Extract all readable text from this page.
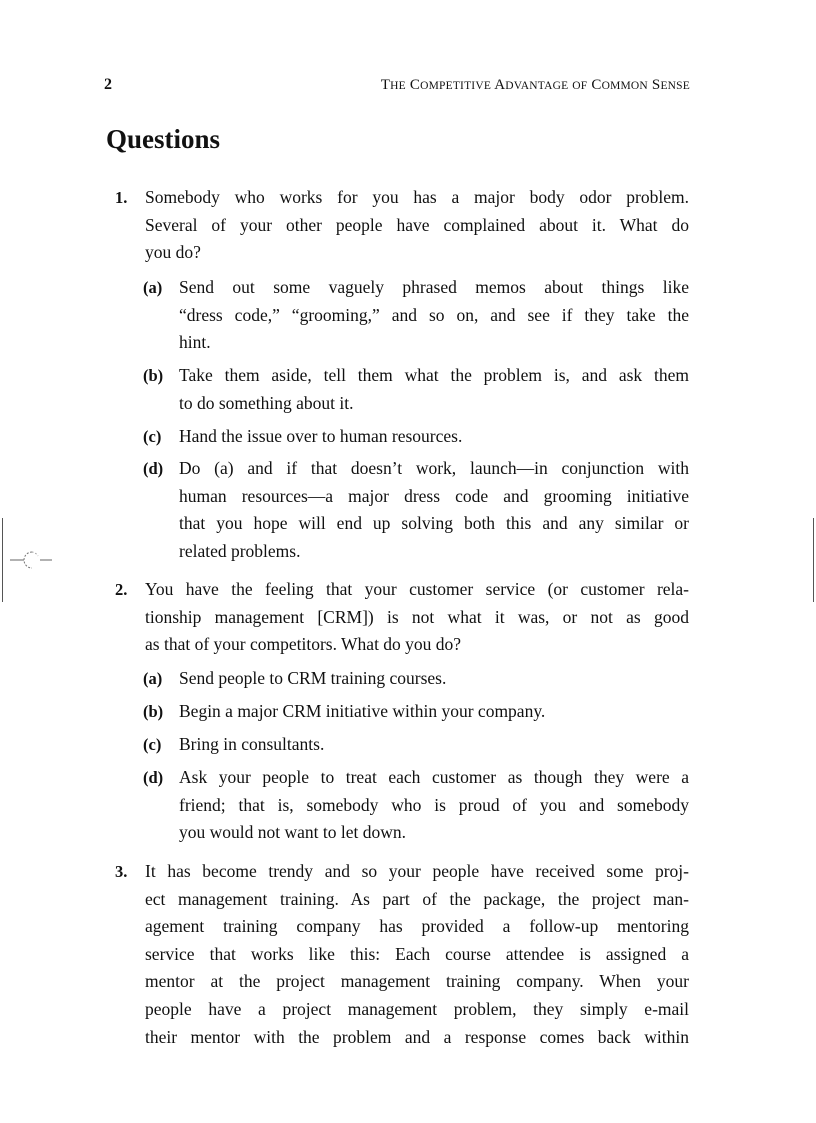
2	THE COMPETITIVE ADVANTAGE OF COMMON SENSE
Questions
1. Somebody who works for you has a major body odor problem.
Several of your other people have complained about it. What do
you do?
(a) Send out some vaguely phrased memos about things like
“dress code,” “grooming,” and so on, and see if they take the
hint.
(b) Take them aside, tell them what the problem is, and ask them
to do something about it.
(c) Hand the issue over to human resources.
(d) Do (a) and if that doesn’t work, launch—in conjunction with
human resources—a major dress code and grooming initiative
that you hope will end up solving both this and any similar or
related problems.
2. You have the feeling that your customer service (or customer rela-
tionship management [CRM]) is not what it was, or not as good
as that of your competitors. What do you do?
(a) Send people to CRM training courses.
(b) Begin a major CRM initiative within your company.
(c) Bring in consultants.
(d) Ask your people to treat each customer as though they were a
friend; that is, somebody who is proud of you and somebody
you would not want to let down.
3. It has become trendy and so your people have received some proj-
ect management training. As part of the package, the project man-
agement training company has provided a follow-up mentoring
service that works like this: Each course attendee is assigned a
mentor at the project management training company. When your
people have a project management problem, they simply e-mail
their mentor with the problem and a response comes back within
